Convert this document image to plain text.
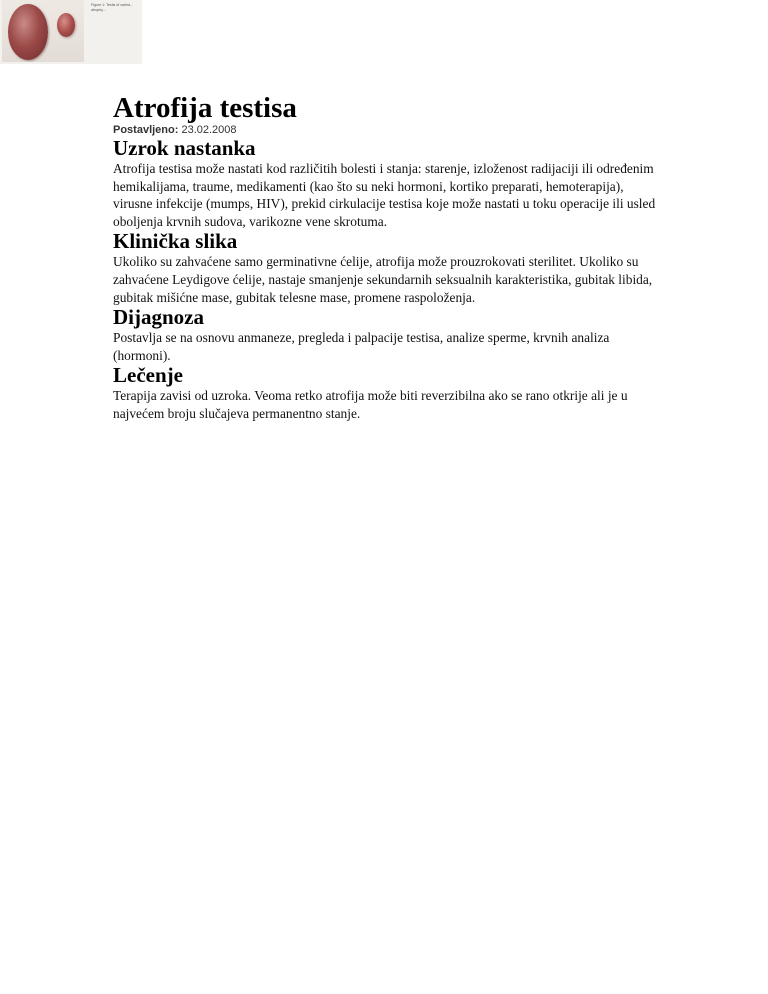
Figure 1: Testis of varied... atrophy...
Atrofija testisa
Postavljeno: 23.02.2008
Uzrok nastanka

Atrofija testisa može nastati kod različitih bolesti i stanja: starenje, izloženost radijaciji ili određenim hemikalijama, traume, medikamenti (kao što su neki hormoni, kortiko preparati, hemoterapija), virusne infekcije (mumps, HIV), prekid cirkulacije testisa koje može nastati u toku operacije ili usled oboljenja krvnih sudova, varikozne vene skrotuma.

Klinička slika

Ukoliko su zahvaćene samo germinativne ćelije, atrofija može prouzrokovati sterilitet. Ukoliko su zahvaćene Leydigove ćelije, nastaje smanjenje sekundarnih seksualnih karakteristika, gubitak libida, gubitak mišićne mase, gubitak telesne mase, promene raspoloženja.

Dijagnoza

Postavlja se na osnovu anmaneze, pregleda i palpacije testisa, analize sperme, krvnih analiza (hormoni).

Lečenje

Terapija zavisi od uzroka. Veoma retko atrofija može biti reverzibilna ako se rano otkrije ali je u najvećem broju slučajeva permanentno stanje.
